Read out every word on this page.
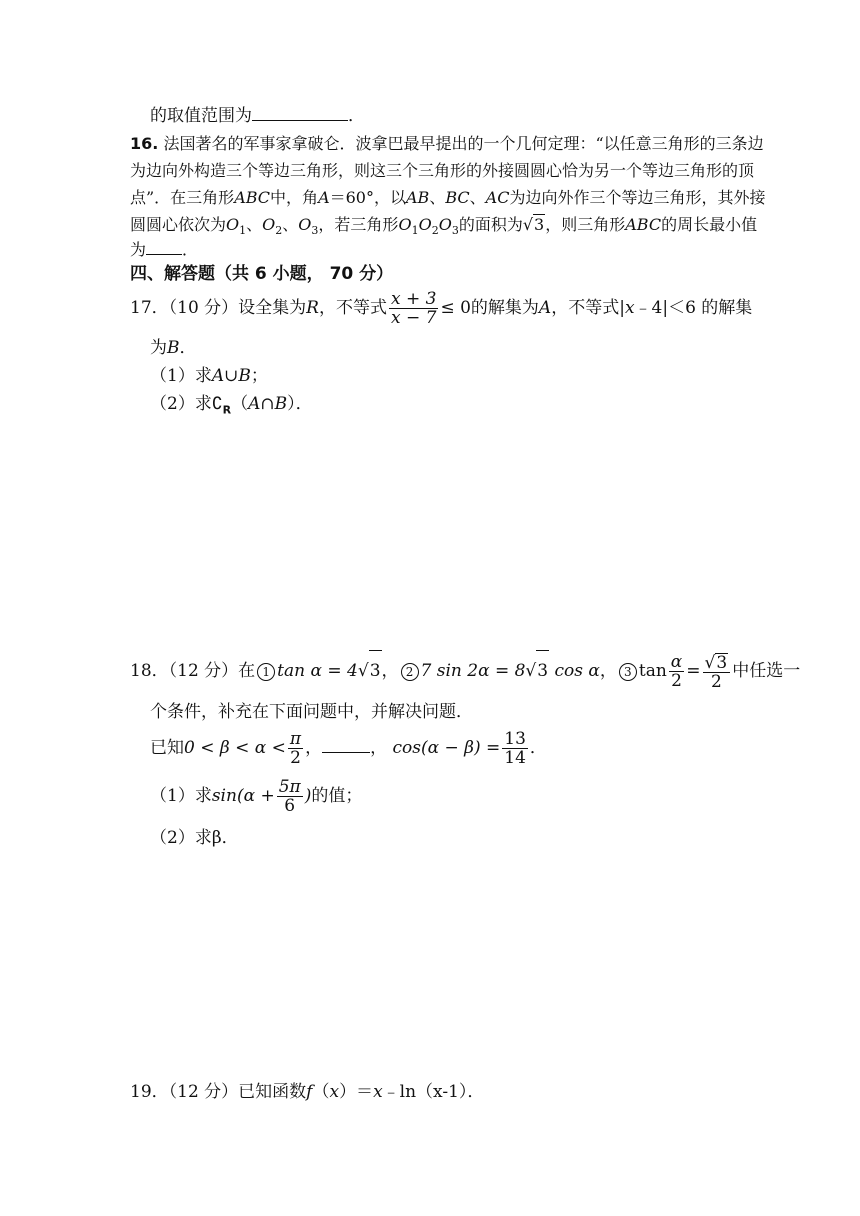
的取值范围为	．
16. 法国著名的军事家拿破仑．波拿巴最早提出的一个几何定理：“以任意三角形的三条边
为边向外构造三个等边三角形，则这三个三角形的外接圆圆心恰为另一个等边三角形的顶
点”．在三角形ABC中，角A＝60°，以AB、BC、AC为边向外作三个等边三角形，其外接
圆圆心依次为$O_1$、$O_2$、$O_3$，若三角形$O_1O_2O_3$的面积为√3，则三角形ABC的周长最小值
为 ．
四、解答题（共 6 小题， 70 分）
17．（10 分）设全集为R，不等式 $\frac{x + 3}{x - 7} \le 0$的解集为A，不等式|x﹣4|＜6 的解集
为B．
（1）求A∪B；
（2）求$∁_R(A\cap B)$．
18．（12 分）在 1 tan α = 4√3， 2 7 sin 2α = 8√3 cos α， 3 $\tan \frac{\alpha}{2} = \frac{√3}{2}$ 中任选一
个条件，补充在下面问题中，并解决问题．
已知$0 < \beta < \alpha < \frac{\pi}{2}$ ，	， $\cos(\alpha - \beta) = \frac{13}{14}$ ．
（1）求$\sin(\alpha + \frac{5\pi}{6}$ )的值；
（2）求β．
19．（12 分）已知函数f（x）＝x﹣ln（x-1）．
